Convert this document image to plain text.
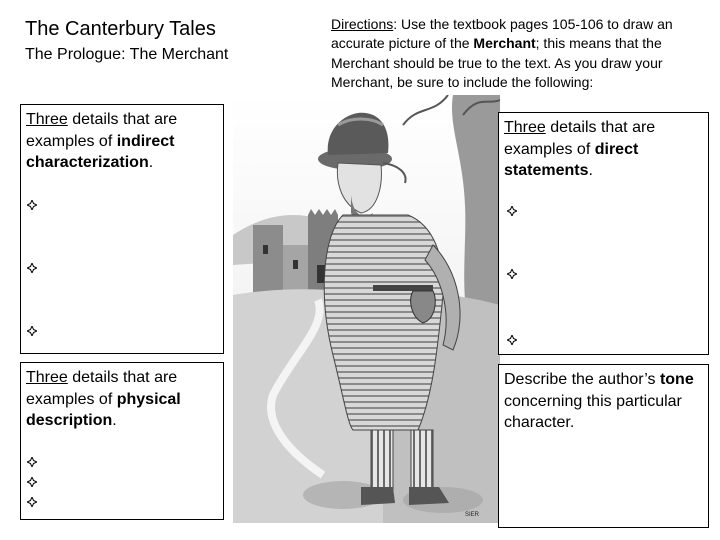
The Canterbury Tales
The Prologue: The Merchant
Directions: Use the textbook pages 105-106 to draw an accurate picture of the Merchant; this means that the Merchant should be true to the text. As you draw your Merchant, be sure to include the following:

Three details that are examples of indirect characterization.

Three details that are examples of physical description.

Three details that are examples of direct statements.

Describe the author’s tone concerning this particular character.

SIER
